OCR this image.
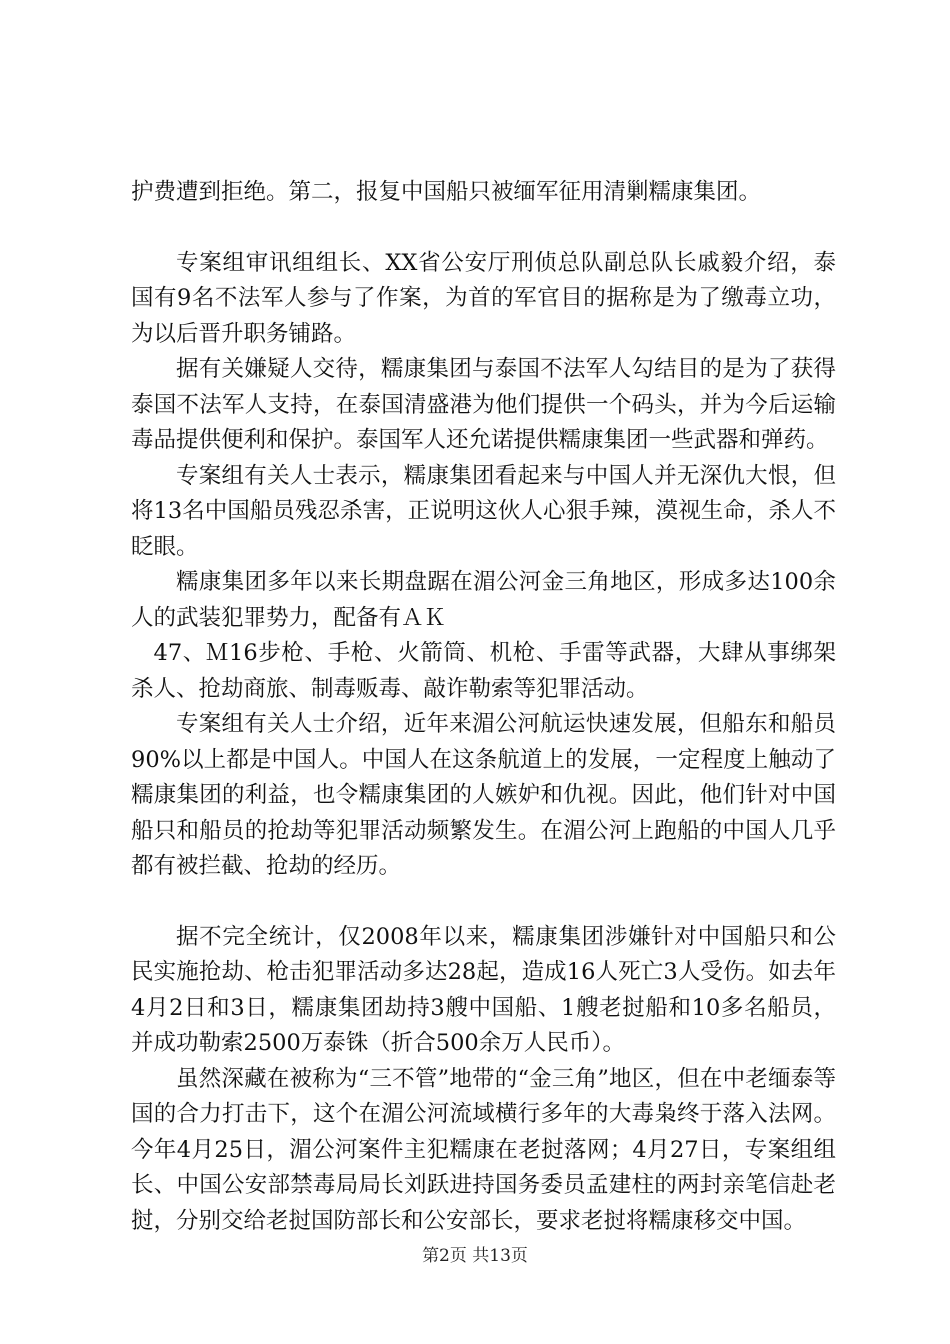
护费遭到拒绝。第二，报复中国船只被缅军征用清剿糯康集团。

专案组审讯组组长、XX省公安厅刑侦总队副总队长戚毅介绍，泰国有9名不法军人参与了作案，为首的军官目的据称是为了缴毒立功，为以后晋升职务铺路。

据有关嫌疑人交待，糯康集团与泰国不法军人勾结目的是为了获得泰国不法军人支持，在泰国清盛港为他们提供一个码头，并为今后运输毒品提供便利和保护。泰国军人还允诺提供糯康集团一些武器和弹药。

专案组有关人士表示，糯康集团看起来与中国人并无深仇大恨，但将13名中国船员残忍杀害，正说明这伙人心狠手辣，漠视生命，杀人不眨眼。

糯康集团多年以来长期盘踞在湄公河金三角地区，形成多达100余人的武装犯罪势力，配备有ＡＫ

47、Ｍ16步枪、手枪、火箭筒、机枪、手雷等武器，大肆从事绑架杀人、抢劫商旅、制毒贩毒、敲诈勒索等犯罪活动。

专案组有关人士介绍，近年来湄公河航运快速发展，但船东和船员90%以上都是中国人。中国人在这条航道上的发展，一定程度上触动了糯康集团的利益，也令糯康集团的人嫉妒和仇视。因此，他们针对中国船只和船员的抢劫等犯罪活动频繁发生。在湄公河上跑船的中国人几乎都有被拦截、抢劫的经历。

据不完全统计，仅2008年以来，糯康集团涉嫌针对中国船只和公民实施抢劫、枪击犯罪活动多达28起，造成16人死亡3人受伤。如去年4月2日和3日，糯康集团劫持3艘中国船、1艘老挝船和10多名船员，并成功勒索2500万泰铢（折合500余万人民币）。

虽然深藏在被称为“三不管”地带的“金三角”地区，但在中老缅泰等国的合力打击下，这个在湄公河流域横行多年的大毒枭终于落入法网。今年4月25日，湄公河案件主犯糯康在老挝落网；4月27日，专案组组长、中国公安部禁毒局局长刘跃进持国务委员孟建柱的两封亲笔信赴老挝，分别交给老挝国防部长和公安部长，要求老挝将糯康移交中国。

第2页 共13页
